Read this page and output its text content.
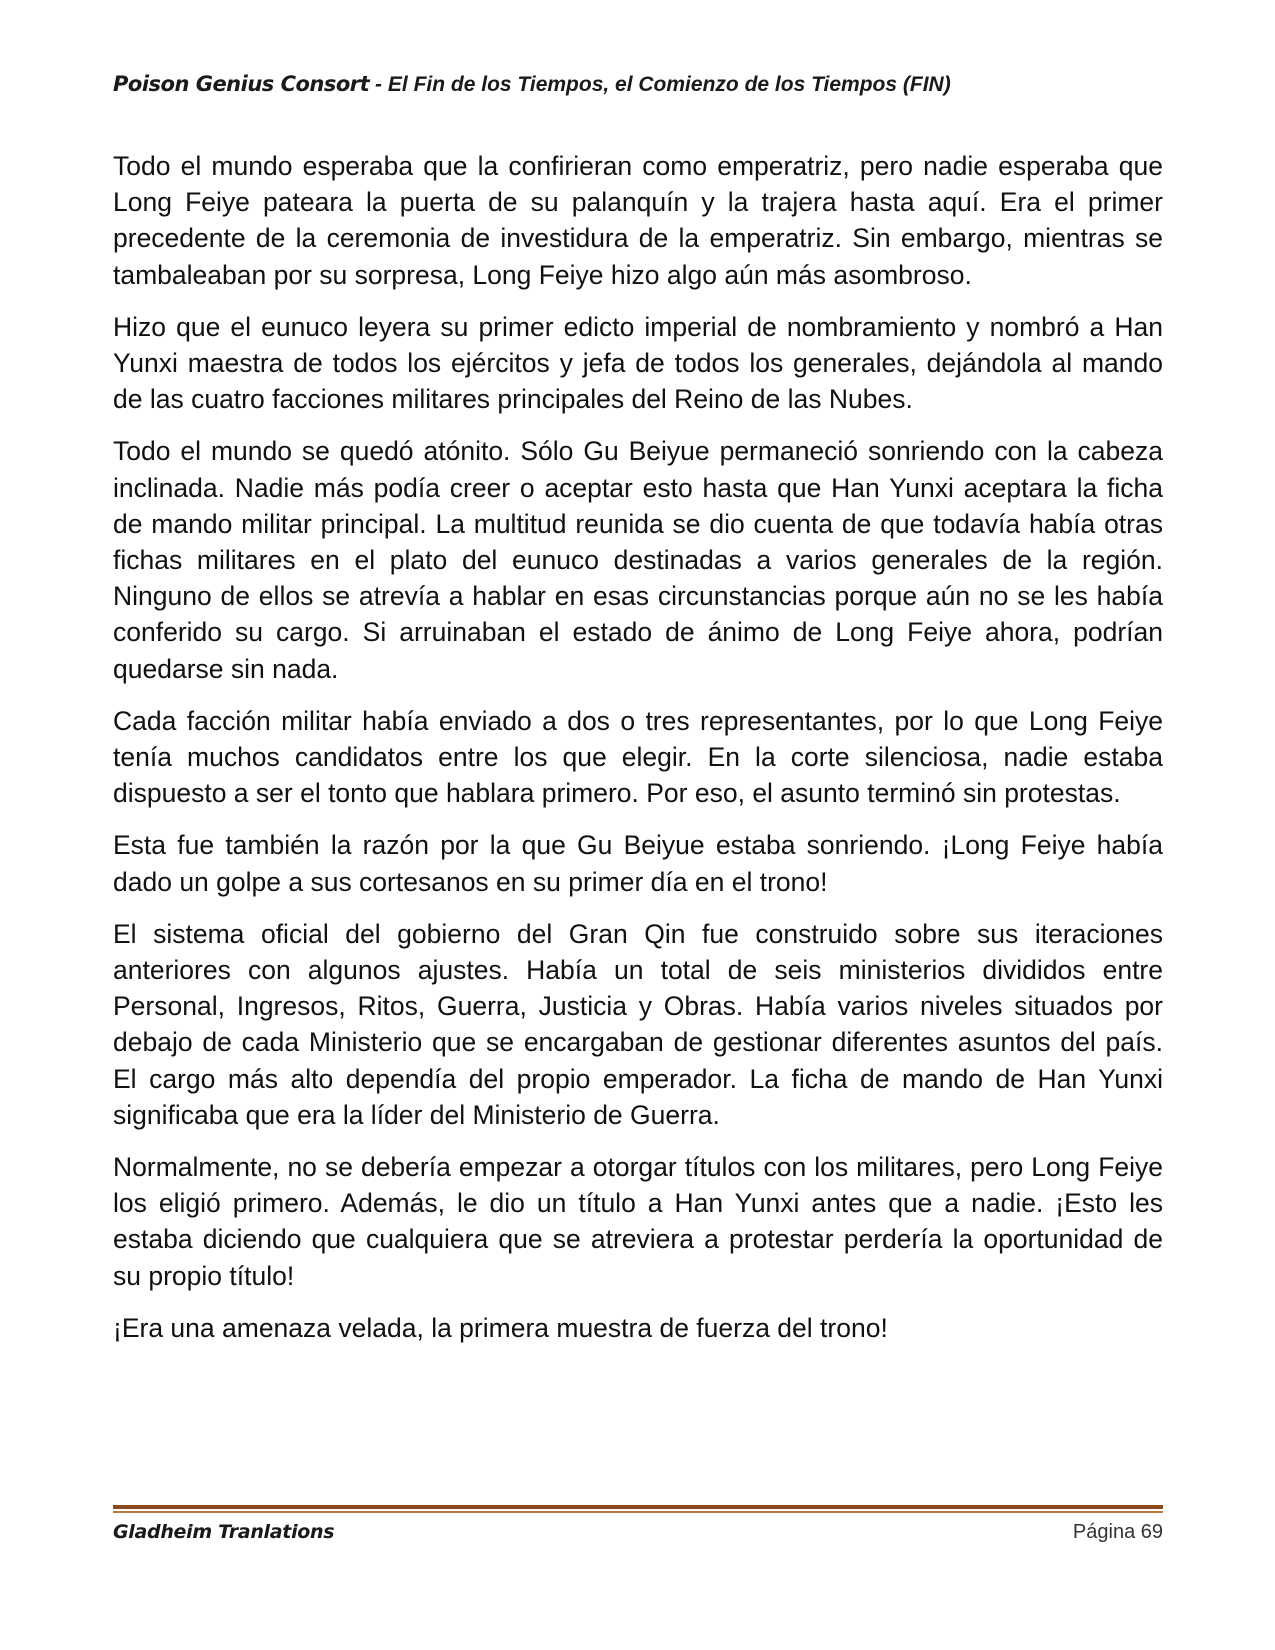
Poison Genius Consort - El Fin de los Tiempos, el Comienzo de los Tiempos (FIN)

Todo el mundo esperaba que la confirieran como emperatriz, pero nadie esperaba que Long Feiye pateara la puerta de su palanquín y la trajera hasta aquí. Era el primer precedente de la ceremonia de investidura de la emperatriz. Sin embargo, mientras se tambaleaban por su sorpresa, Long Feiye hizo algo aún más asombroso.

Hizo que el eunuco leyera su primer edicto imperial de nombramiento y nombró a Han Yunxi maestra de todos los ejércitos y jefa de todos los generales, dejándola al mando de las cuatro facciones militares principales del Reino de las Nubes.

Todo el mundo se quedó atónito. Sólo Gu Beiyue permaneció sonriendo con la cabeza inclinada. Nadie más podía creer o aceptar esto hasta que Han Yunxi aceptara la ficha de mando militar principal. La multitud reunida se dio cuenta de que todavía había otras fichas militares en el plato del eunuco destinadas a varios generales de la región. Ninguno de ellos se atrevía a hablar en esas circunstancias porque aún no se les había conferido su cargo. Si arruinaban el estado de ánimo de Long Feiye ahora, podrían quedarse sin nada.

Cada facción militar había enviado a dos o tres representantes, por lo que Long Feiye tenía muchos candidatos entre los que elegir. En la corte silenciosa, nadie estaba dispuesto a ser el tonto que hablara primero. Por eso, el asunto terminó sin protestas.

Esta fue también la razón por la que Gu Beiyue estaba sonriendo. ¡Long Feiye había dado un golpe a sus cortesanos en su primer día en el trono!

El sistema oficial del gobierno del Gran Qin fue construido sobre sus iteraciones anteriores con algunos ajustes. Había un total de seis ministerios divididos entre Personal, Ingresos, Ritos, Guerra, Justicia y Obras. Había varios niveles situados por debajo de cada Ministerio que se encargaban de gestionar diferentes asuntos del país. El cargo más alto dependía del propio emperador. La ficha de mando de Han Yunxi significaba que era la líder del Ministerio de Guerra.

Normalmente, no se debería empezar a otorgar títulos con los militares, pero Long Feiye los eligió primero. Además, le dio un título a Han Yunxi antes que a nadie. ¡Esto les estaba diciendo que cualquiera que se atreviera a protestar perdería la oportunidad de su propio título!

¡Era una amenaza velada, la primera muestra de fuerza del trono!

Gladheim Tranlations	Página 69
